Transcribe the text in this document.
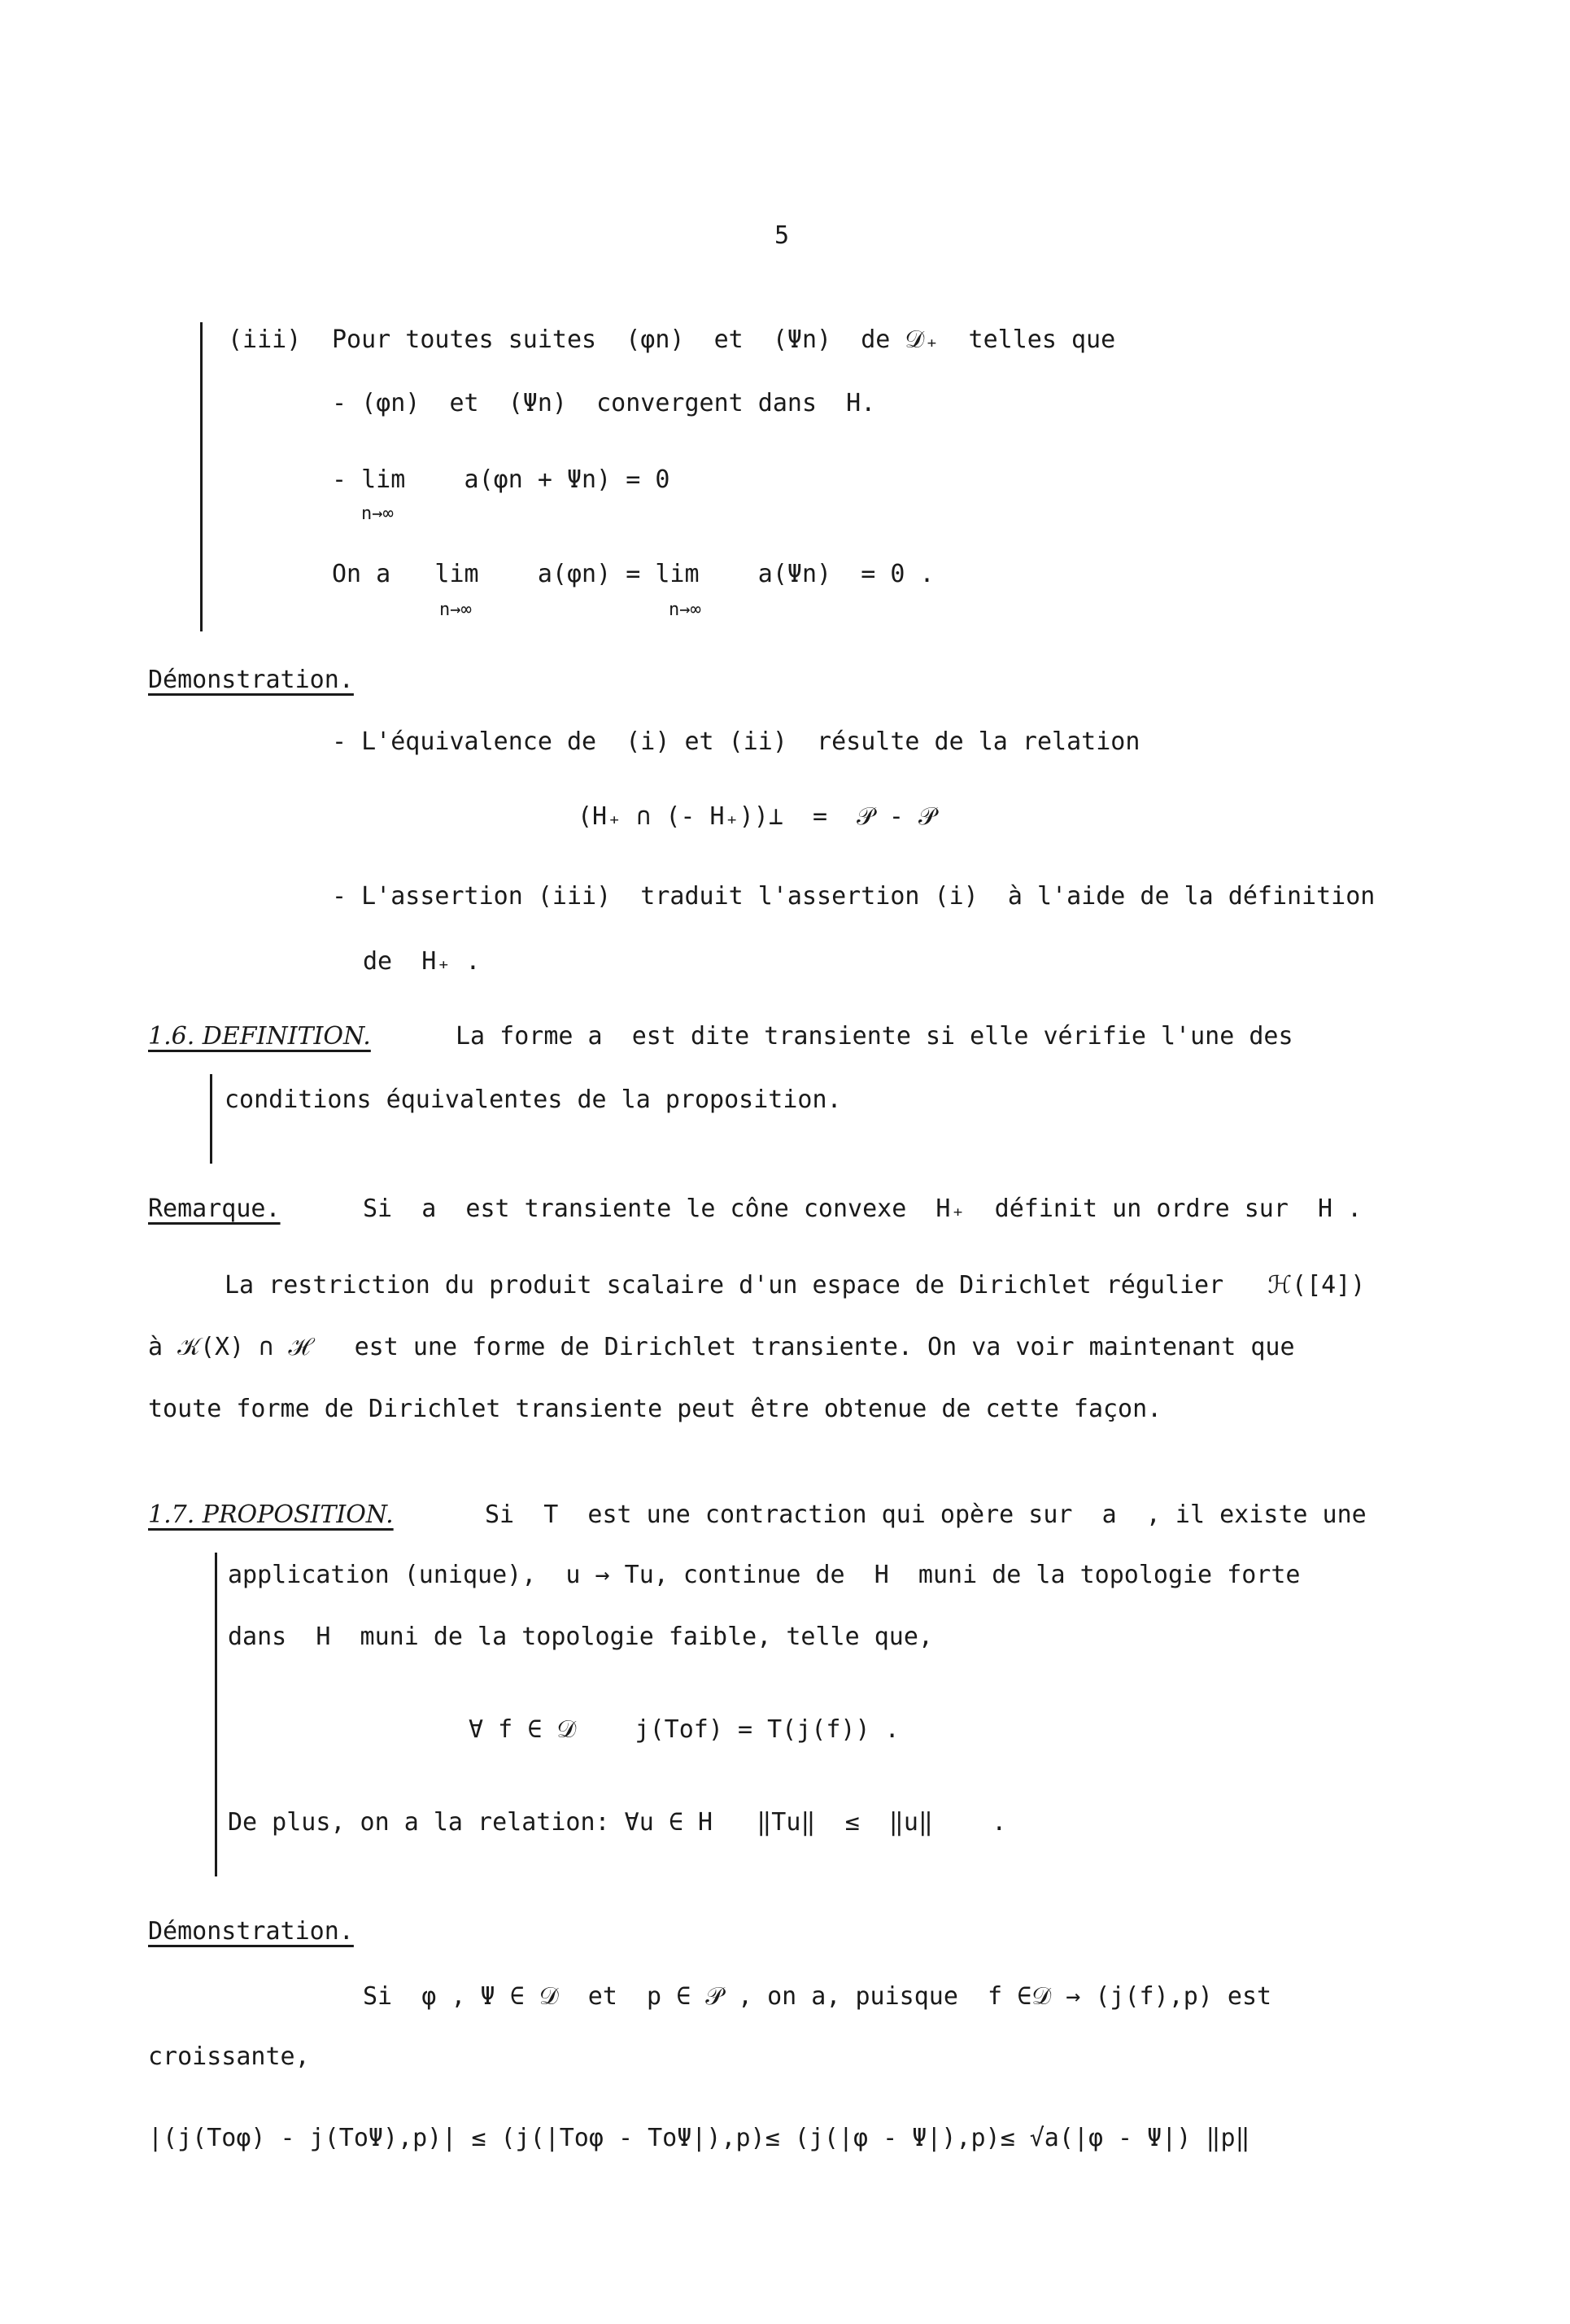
5
(iii) Pour toutes suites  (φn)  et  (Ψn)  de 𝒟₊  telles que
- (φn)  et  (Ψn)  convergent dans  H.
- lim    a(φn + Ψn) = 0
n→∞
On a   lim    a(φn) = lim    a(Ψn)  = 0 .
n→∞	n→∞
Démonstration.
- L'équivalence de  (i) et (ii)  résulte de la relation
(H₊ ∩ (- H₊))⊥  =  𝒫 - 𝒫
- L'assertion (iii)  traduit l'assertion (i)  à l'aide de la définition
de  H₊ .
1.6. DEFINITION.	La forme a  est dite transiente si elle vérifie l'une des
conditions équivalentes de la proposition.
Remarque.	Si  a  est transiente le cône convexe  H₊  définit un ordre sur  H .
La restriction du produit scalaire d'un espace de Dirichlet régulier   ℋ([4])
à 𝒦(X) ∩ ℋ   est une forme de Dirichlet transiente. On va voir maintenant que
toute forme de Dirichlet transiente peut être obtenue de cette façon.
1.7. PROPOSITION.	Si  T  est une contraction qui opère sur  a  , il existe une
application (unique),  u → Tu, continue de  H  muni de la topologie forte
dans  H  muni de la topologie faible, telle que,
∀ f ∈ 𝒟    j(Tof) = T(j(f)) .
De plus, on a la relation: ∀u ∈ H   ‖Tu‖  ≤  ‖u‖    .
Démonstration.
Si  φ , Ψ ∈ 𝒟  et  p ∈ 𝒫 , on a, puisque  f ∈𝒟 → (j(f),p) est
croissante,
|(j(Toφ) - j(ToΨ),p)| ≤ (j(|Toφ - ToΨ|),p)≤ (j(|φ - Ψ|),p)≤ √a(|φ - Ψ|) ‖p‖
